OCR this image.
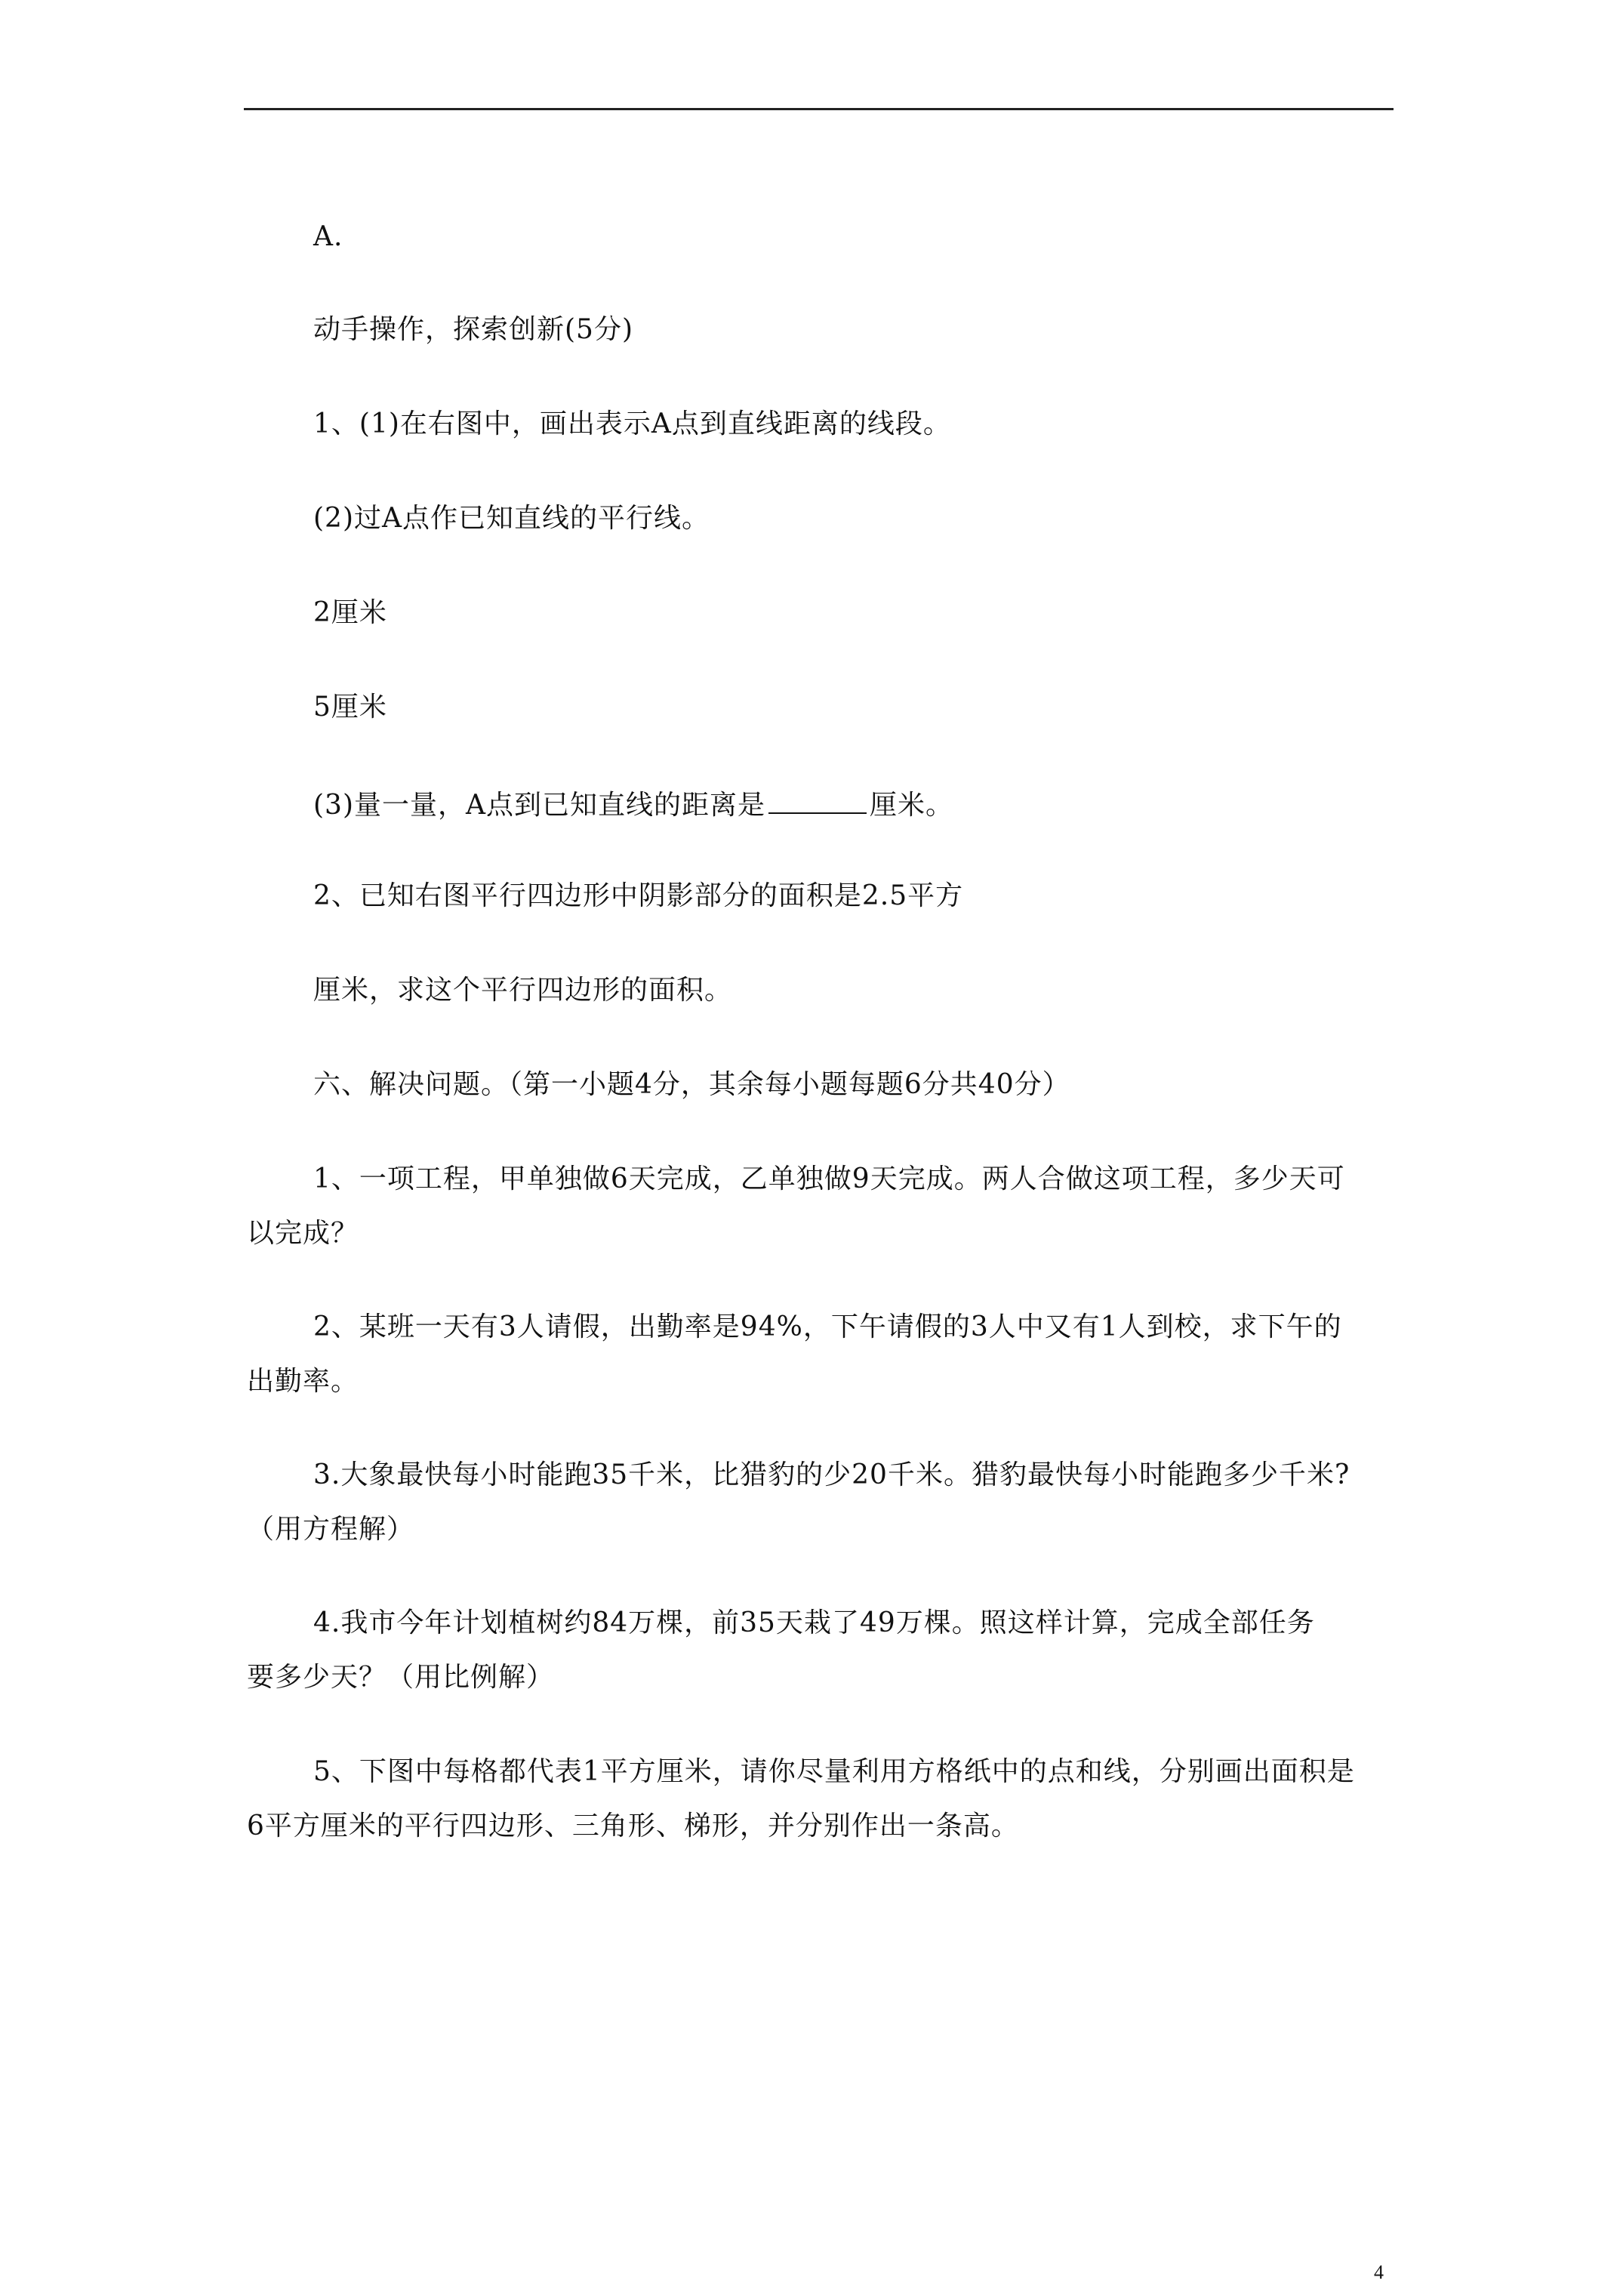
A.
动手操作，探索创新(5分)
1、(1)在右图中，画出表示A点到直线距离的线段。
(2)过A点作已知直线的平行线。
2厘米
5厘米
(3)量一量，A点到已知直线的距离是	厘米。
2、已知右图平行四边形中阴影部分的面积是2.5平方
厘米，求这个平行四边形的面积。
六、解决问题。（第一小题4分，其余每小题每题6分共40分）
1、一项工程，甲单独做6天完成，乙单独做9天完成。两人合做这项工程，多少天可
以完成？
2、某班一天有3人请假，出勤率是94%，下午请假的3人中又有1人到校，求下午的
出勤率。
3.大象最快每小时能跑35千米，比猎豹的少20千米。猎豹最快每小时能跑多少千米?
（用方程解）
4.我市今年计划植树约84万棵，前35天栽了49万棵。照这样计算，完成全部任务
要多少天？（用比例解）
5、下图中每格都代表1平方厘米，请你尽量利用方格纸中的点和线，分别画出面积是
6平方厘米的平行四边形、三角形、梯形，并分别作出一条高。
4
